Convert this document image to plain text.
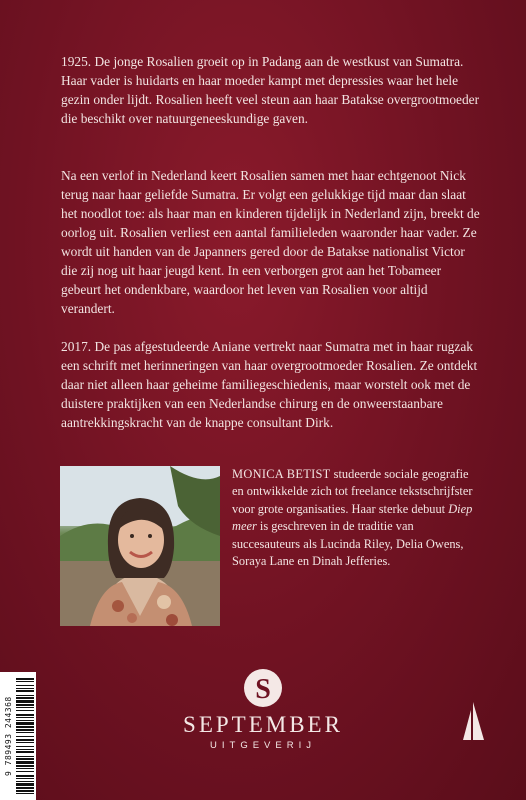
1925. De jonge Rosalien groeit op in Padang aan de westkust van Sumatra. Haar vader is huidarts en haar moeder kampt met depressies waar het hele gezin onder lijdt. Rosalien heeft veel steun aan haar Batakse overgrootmoeder die beschikt over natuurgeneeskundige gaven.

Na een verlof in Nederland keert Rosalien samen met haar echtgenoot Nick terug naar haar geliefde Sumatra. Er volgt een gelukkige tijd maar dan slaat het noodlot toe: als haar man en kinderen tijdelijk in Nederland zijn, breekt de oorlog uit. Rosalien verliest een aantal familieleden waaronder haar vader. Ze wordt uit handen van de Japanners gered door de Batakse nationalist Victor die zij nog uit haar jeugd kent. In een verborgen grot aan het Tobameer gebeurt het ondenkbare, waardoor het leven van Rosalien voor altijd verandert.

2017. De pas afgestudeerde Aniane vertrekt naar Sumatra met in haar rugzak een schrift met herinneringen van haar overgrootmoeder Rosalien. Ze ontdekt daar niet alleen haar geheime familiegeschiedenis, maar worstelt ook met de duistere praktijken van een Nederlandse chirurg en de onweerstaanbare aantrekkingskracht van de knappe consultant Dirk.

MONICA BETIST studeerde sociale geografie en ontwikkelde zich tot freelance tekstschrijfster voor grote organisaties. Haar sterke debuut Diep meer is geschreven in de traditie van succesauteurs als Lucinda Riley, Delia Owens, Soraya Lane en Dinah Jefferies.

9 789493 244368
S

SEPTEMBER

UITGEVERIJ
